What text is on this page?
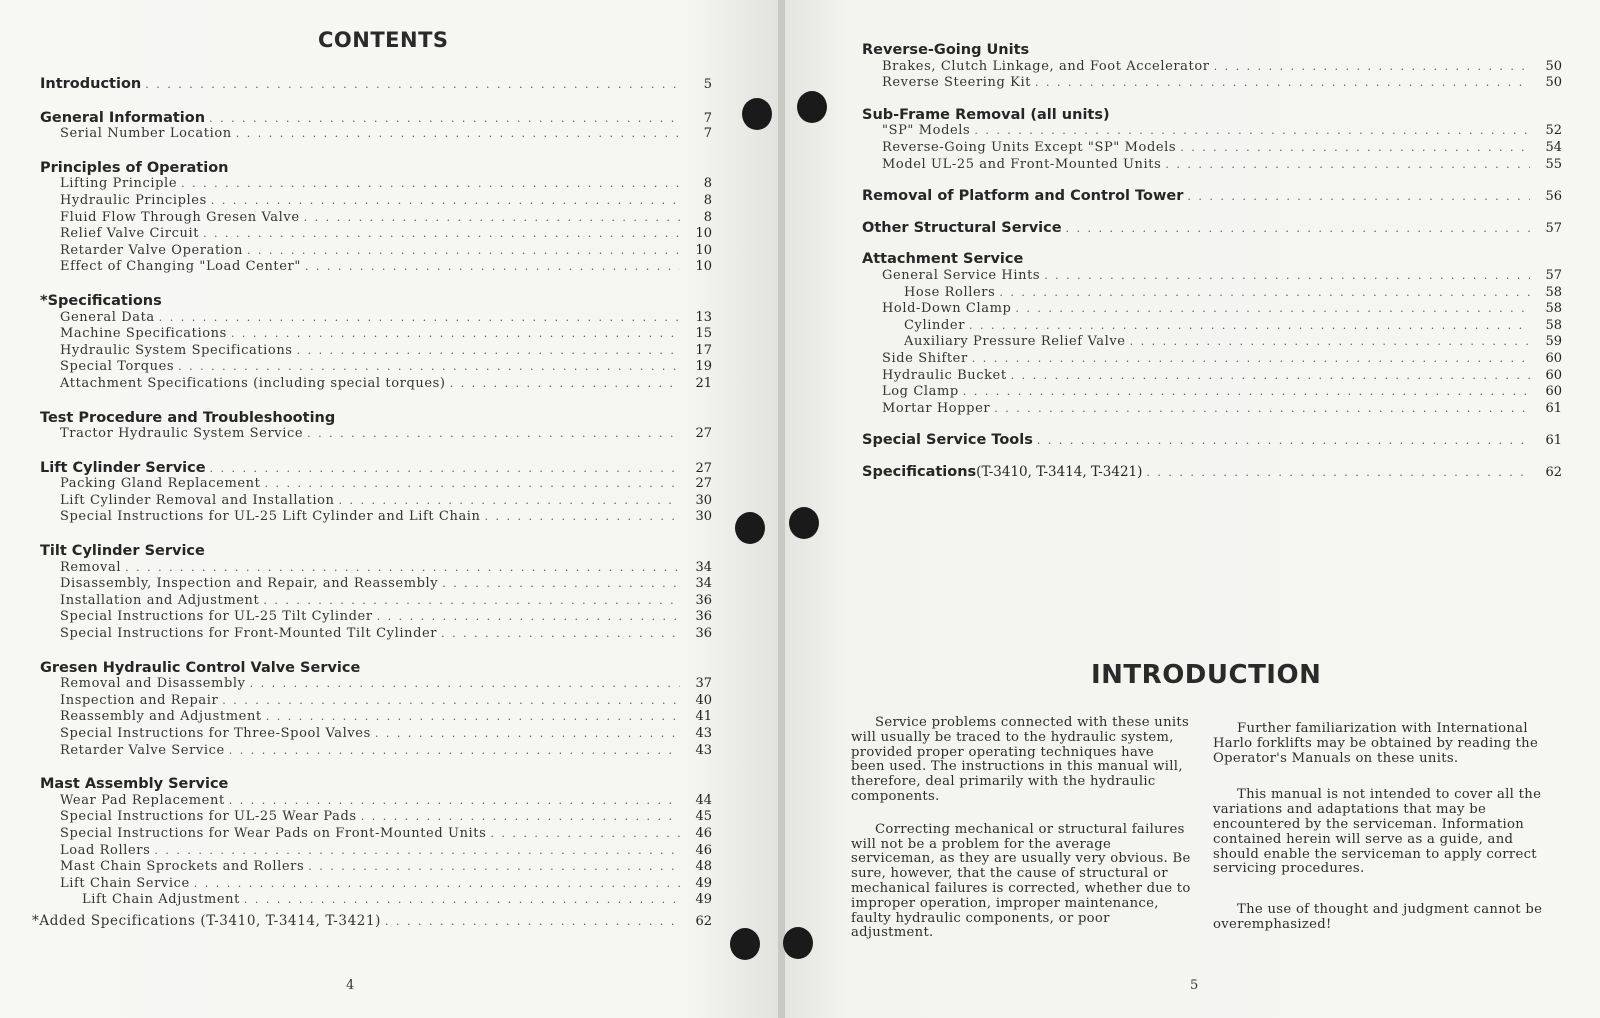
CONTENTS
Introduction . . .	5
General Information . . .	7
Serial Number Location . . .	7
Principles of Operation
Lifting Principle . . .	8
Hydraulic Principles . . .	8
Fluid Flow Through Gresen Valve . . .	8
Relief Valve Circuit . . .	10
Retarder Valve Operation . . .	10
Effect of Changing "Load Center" . . .	10
*Specifications
General Data . . .	13
Machine Specifications . . .	15
Hydraulic System Specifications . . .	17
Special Torques . . .	19
Attachment Specifications (including special torques) . . .	21
Test Procedure and Troubleshooting
Tractor Hydraulic System Service . . .	27
Lift Cylinder Service . . .	27
Packing Gland Replacement . . .	27
Lift Cylinder Removal and Installation . . .	30
Special Instructions for UL-25 Lift Cylinder and Lift Chain . . .	30
Tilt Cylinder Service
Removal . . .	34
Disassembly, Inspection and Repair, and Reassembly . . .	34
Installation and Adjustment . . .	36
Special Instructions for UL-25 Tilt Cylinder . . .	36
Special Instructions for Front-Mounted Tilt Cylinder . . .	36
Gresen Hydraulic Control Valve Service
Removal and Disassembly . . .	37
Inspection and Repair . . .	40
Reassembly and Adjustment . . .	41
Special Instructions for Three-Spool Valves . . .	43
Retarder Valve Service . . .	43
Mast Assembly Service
Wear Pad Replacement . . .	44
Special Instructions for UL-25 Wear Pads . . .	45
Special Instructions for Wear Pads on Front-Mounted Units . . .	46
Load Rollers . . .	46
Mast Chain Sprockets and Rollers . . .	48
Lift Chain Service . . .	49
Lift Chain Adjustment . . .	49
*Added Specifications (T-3410, T-3414, T-3421) . . .	62
4
Reverse-Going Units
Brakes, Clutch Linkage, and Foot Accelerator . . .	50
Reverse Steering Kit . . .	50
Sub-Frame Removal (all units)
"SP" Models . . .	52
Reverse-Going Units Except "SP" Models . . .	54
Model UL-25 and Front-Mounted Units . . .	55
Removal of Platform and Control Tower . . .	56
Other Structural Service . . .	57
Attachment Service
General Service Hints . . .	57
Hose Rollers . . .	58
Hold-Down Clamp . . .	58
Cylinder . . .	58
Auxiliary Pressure Relief Valve . . .	59
Side Shifter . . .	60
Hydraulic Bucket . . .	60
Log Clamp . . .	60
Mortar Hopper . . .	61
Special Service Tools . . .	61
Specifications (T-3410, T-3414, T-3421) . . .	62
INTRODUCTION

Service problems connected with these units will usually be traced to the hydraulic system, provided proper operating techniques have been used. The instructions in this manual will, therefore, deal primarily with the hydraulic components.

Correcting mechanical or structural failures will not be a problem for the average serviceman, as they are usually very obvious. Be sure, however, that the cause of structural or mechanical failures is corrected, whether due to improper operation, improper maintenance, faulty hydraulic components, or poor adjustment.

Further familiarization with International Harlo forklifts may be obtained by reading the Operator's Manuals on these units.

This manual is not intended to cover all the variations and adaptations that may be encountered by the serviceman. Information contained herein will serve as a guide, and should enable the serviceman to apply correct servicing procedures.

The use of thought and judgment cannot be overemphasized!

5
